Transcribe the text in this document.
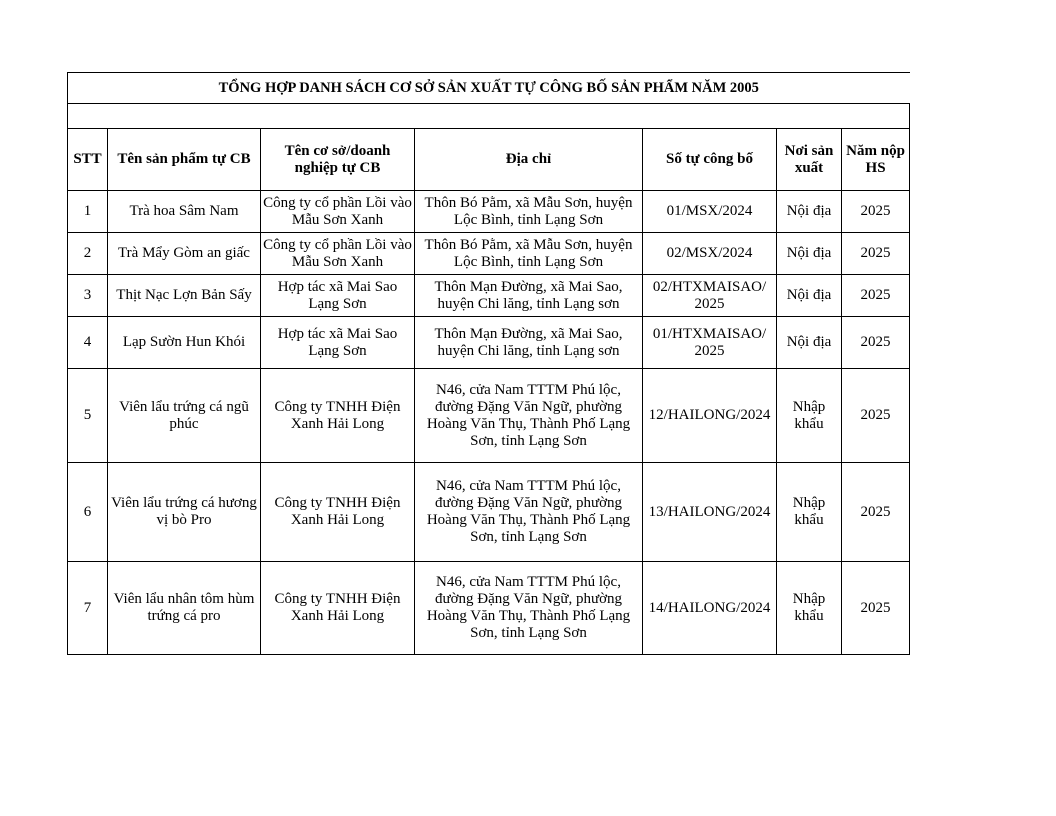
TỔNG HỢP DANH SÁCH CƠ SỞ SẢN XUẤT TỰ CÔNG BỐ SẢN PHẨM NĂM 2005						

STT	Tên sản phẩm tự CB	Tên cơ sở/doanh nghiệp tự CB	Địa chỉ	Số tự công bố	Nơi sản xuất	Năm nộp HS
1	Trà hoa Sâm Nam	Công ty cổ phần Lồi vào Mẫu Sơn Xanh	Thôn Bó Pằm, xã Mẫu Sơn, huyện Lộc Bình, tỉnh Lạng Sơn	01/MSX/2024	Nội địa	2025
2	Trà Mẩy Gòm an giấc	Công ty cổ phần Lồi vào Mẫu Sơn Xanh	Thôn Bó Pằm, xã Mẫu Sơn, huyện Lộc Bình, tỉnh Lạng Sơn	02/MSX/2024	Nội địa	2025
3	Thịt Nạc Lợn Bản Sấy	Hợp tác xã Mai Sao Lạng Sơn	Thôn Mạn Đường, xã Mai Sao, huyện Chi lăng, tỉnh Lạng sơn	02/HTXMAISAO/ 2025	Nội địa	2025
4	Lạp Sườn Hun Khói	Hợp tác xã Mai Sao Lạng Sơn	Thôn Mạn Đường, xã Mai Sao, huyện Chi lăng, tỉnh Lạng sơn	01/HTXMAISAO/ 2025	Nội địa	2025
5	Viên lẩu trứng cá ngũ phúc	Công ty TNHH Điện Xanh Hải Long	N46, cửa Nam TTTM Phú lộc, đường Đặng Văn Ngữ, phường Hoàng Văn Thụ, Thành Phố Lạng Sơn, tỉnh Lạng Sơn	12/HAILONG/2024	Nhập khẩu	2025
6	Viên lẩu trứng cá hương vị bò Pro	Công ty TNHH Điện Xanh Hải Long	N46, cửa Nam TTTM Phú lộc, đường Đặng Văn Ngữ, phường Hoàng Văn Thụ, Thành Phố Lạng Sơn, tỉnh Lạng Sơn	13/HAILONG/2024	Nhập khẩu	2025
7	Viên lẩu nhân tôm hùm trứng cá pro	Công ty TNHH Điện Xanh Hải Long	N46, cửa Nam TTTM Phú lộc, đường Đặng Văn Ngữ, phường Hoàng Văn Thụ, Thành Phố Lạng Sơn, tỉnh Lạng Sơn	14/HAILONG/2024	Nhập khẩu	2025
